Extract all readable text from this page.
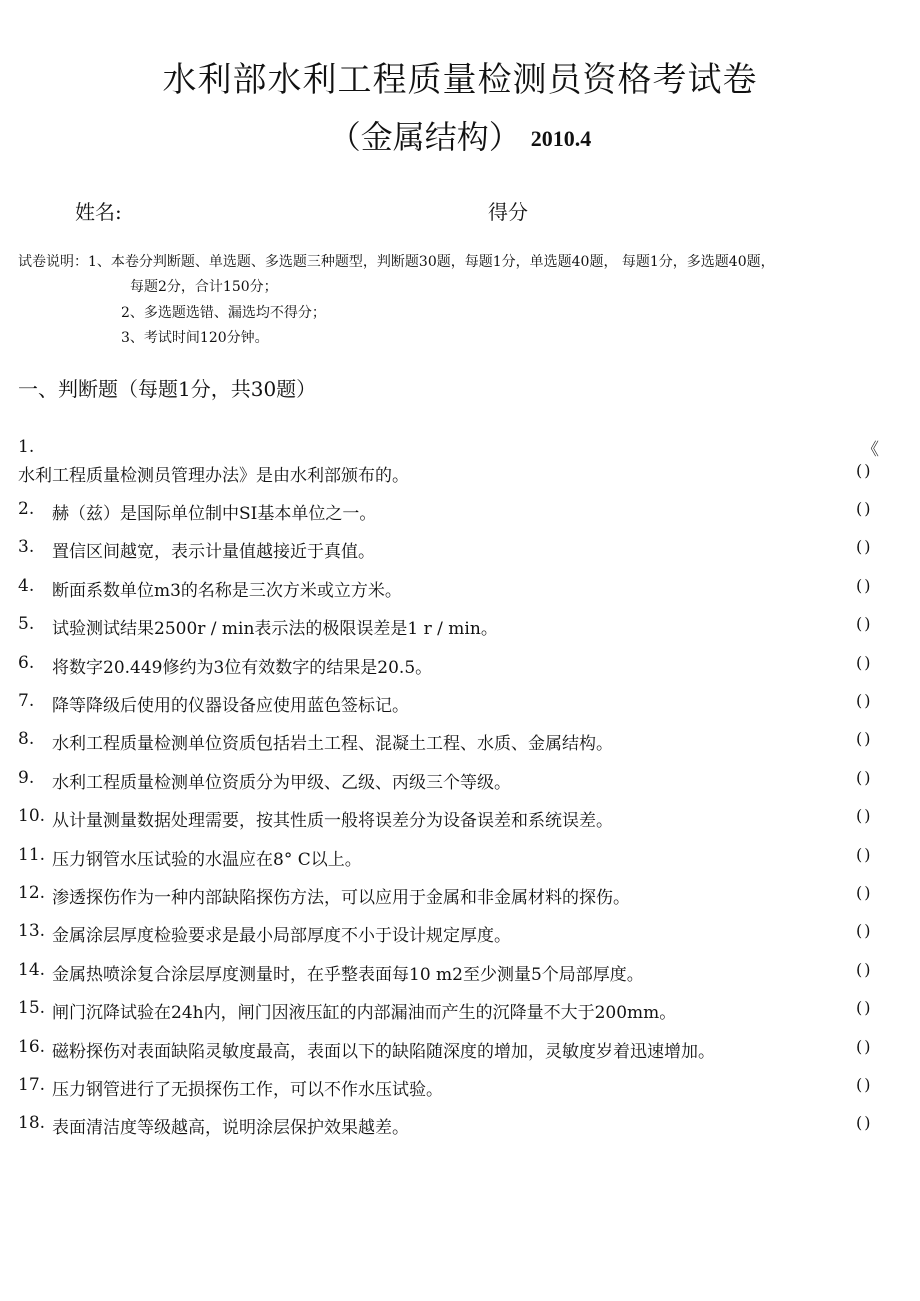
水利部水利工程质量检测员资格考试卷
（金属结构） 2010.4
姓名:	得分
试卷说明：1、本卷分判断题、单选题、多选题三种题型，判断题30题，每题1分，单选题40题， 每题1分，多选题40题，
每题2分，合计150分；
2、多选题选错、漏选均不得分；
3、考试时间120分钟。
一、判断题（每题1分，共30题）
1.	《
水利工程质量检测员管理办法》是由水利部颁布的。	()
2. 赫（兹）是国际单位制中SI基本单位之一。	()
3. 置信区间越宽，表示计量值越接近于真值。	()
4. 断面系数单位m3的名称是三次方米或立方米。	()
5. 试验测试结果2500r / min表示法的极限误差是1 r / min。	()
6. 将数字20.449修约为3位有效数字的结果是20.5。	()
7. 降等降级后使用的仪器设备应使用蓝色签标记。	()
8. 水利工程质量检测单位资质包括岩土工程、混凝土工程、水质、金属结构。	()
9. 水利工程质量检测单位资质分为甲级、乙级、丙级三个等级。	()
10. 从计量测量数据处理需要，按其性质一般将误差分为设备误差和系统误差。	()
11. 压力钢管水压试验的水温应在8° C以上。	()
12. 渗透探伤作为一种内部缺陷探伤方法，可以应用于金属和非金属材料的探伤。	()
13. 金属涂层厚度检验要求是最小局部厚度不小于设计规定厚度。	()
14. 金属热喷涂复合涂层厚度测量时，在乎整表面每10 m2至少测量5个局部厚度。	()
15. 闸门沉降试验在24h内，闸门因液压缸的内部漏油而产生的沉降量不大于200mm。	()
16. 磁粉探伤对表面缺陷灵敏度最高，表面以下的缺陷随深度的增加，灵敏度岁着迅速增加。	()
17. 压力钢管进行了无损探伤工作，可以不作水压试验。	()
18. 表面清洁度等级越高，说明涂层保护效果越差。	()
